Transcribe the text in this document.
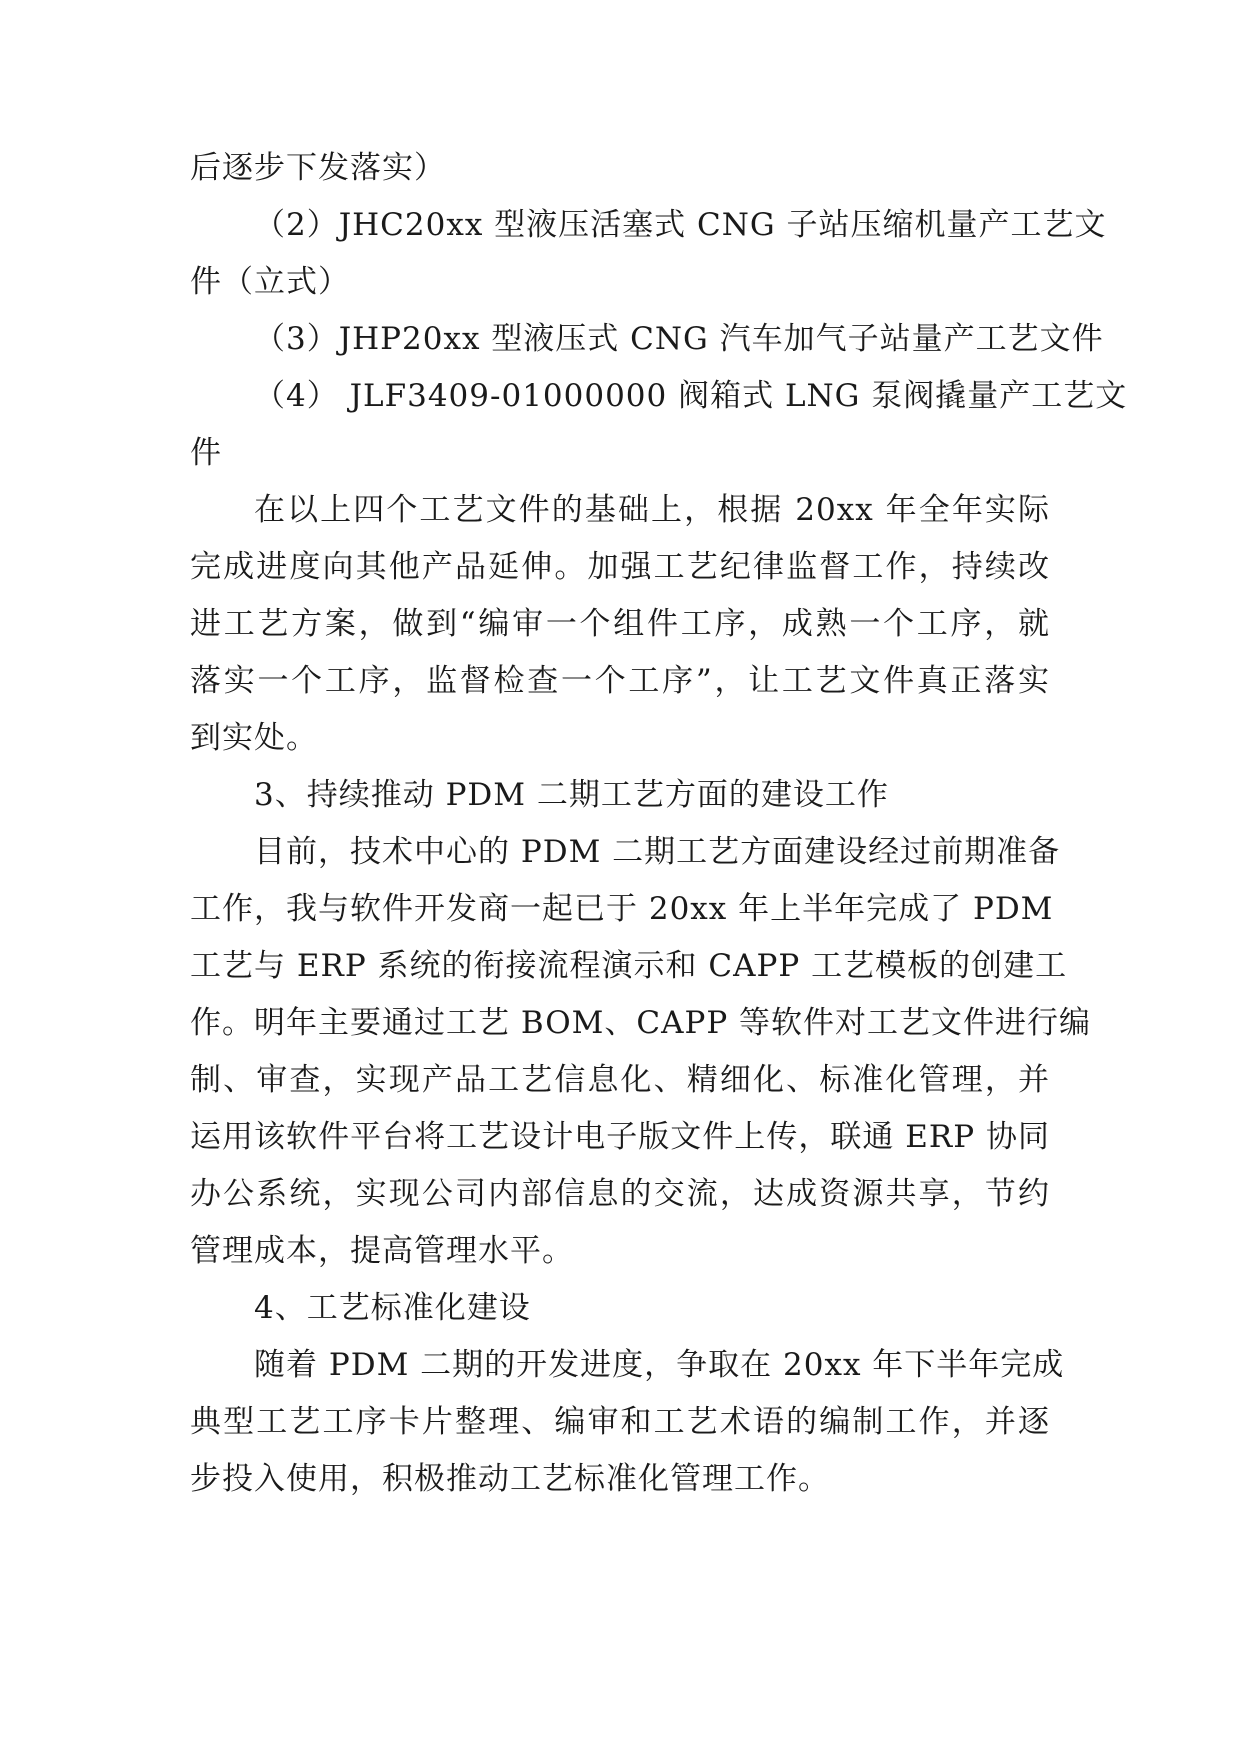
后逐步下发落实）
（2）JHC20xx 型液压活塞式 CNG 子站压缩机量产工艺文
件（立式）
（3）JHP20xx 型液压式 CNG 汽车加气子站量产工艺文件
（4） JLF3409-01000000 阀箱式 LNG 泵阀撬量产工艺文
件
在以上四个工艺文件的基础上，根据 20xx 年全年实际
完成进度向其他产品延伸。加强工艺纪律监督工作，持续改
进工艺方案，做到“编审一个组件工序，成熟一个工序，就
落实一个工序，监督检查一个工序”，让工艺文件真正落实
到实处。
3、持续推动 PDM 二期工艺方面的建设工作
目前，技术中心的 PDM 二期工艺方面建设经过前期准备
工作，我与软件开发商一起已于 20xx 年上半年完成了 PDM
工艺与 ERP 系统的衔接流程演示和 CAPP 工艺模板的创建工
作。明年主要通过工艺 BOM、CAPP 等软件对工艺文件进行编
制、审查，实现产品工艺信息化、精细化、标准化管理，并
运用该软件平台将工艺设计电子版文件上传，联通 ERP 协同
办公系统，实现公司内部信息的交流，达成资源共享，节约
管理成本，提高管理水平。
4、工艺标准化建设
随着 PDM 二期的开发进度，争取在 20xx 年下半年完成
典型工艺工序卡片整理、编审和工艺术语的编制工作，并逐
步投入使用，积极推动工艺标准化管理工作。
